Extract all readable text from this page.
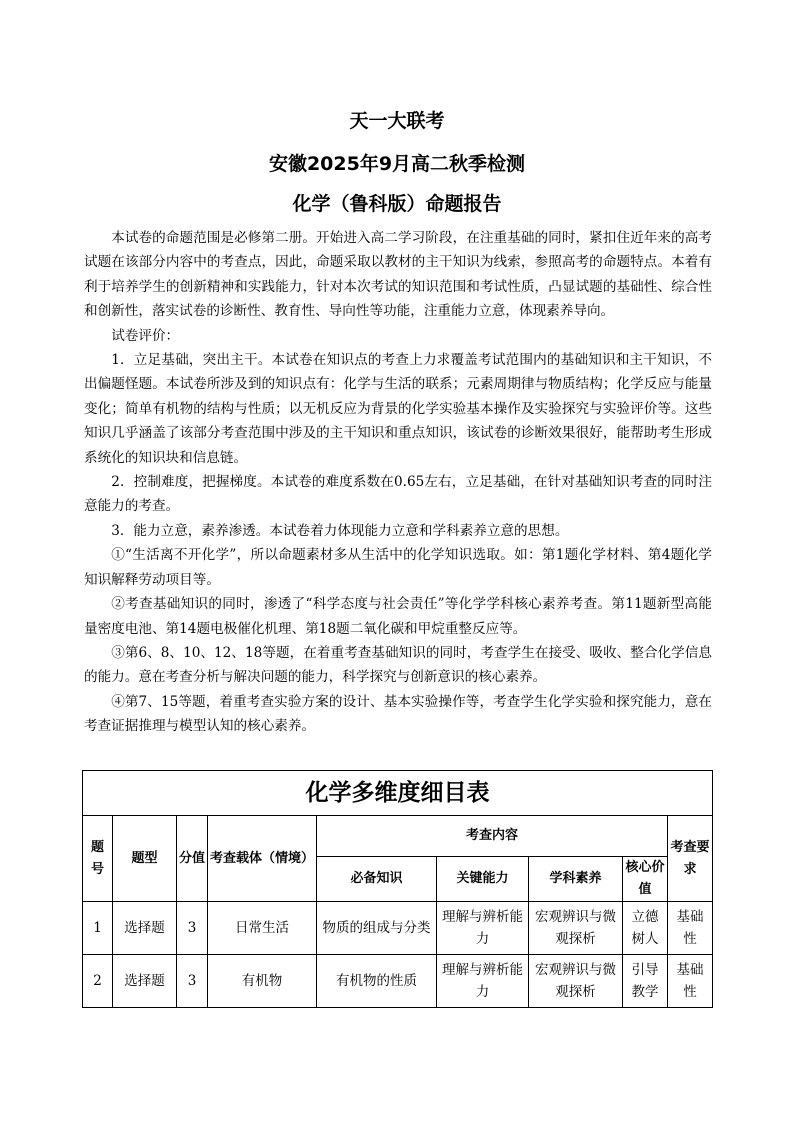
天一大联考
安徽2025年9月高二秋季检测
化学（鲁科版）命题报告

本试卷的命题范围是必修第二册。开始进入高二学习阶段，在注重基础的同时，紧扣住近年来的高考试题在该部分内容中的考查点，因此，命题采取以教材的主干知识为线索，参照高考的命题特点。本着有利于培养学生的创新精神和实践能力，针对本次考试的知识范围和考试性质，凸显试题的基础性、综合性和创新性，落实试卷的诊断性、教育性、导向性等功能，注重能力立意，体现素养导向。

试卷评价：

1．立足基础，突出主干。本试卷在知识点的考查上力求覆盖考试范围内的基础知识和主干知识，不出偏题怪题。本试卷所涉及到的知识点有：化学与生活的联系；元素周期律与物质结构；化学反应与能量变化；简单有机物的结构与性质；以无机反应为背景的化学实验基本操作及实验探究与实验评价等。这些知识几乎涵盖了该部分考查范围中涉及的主干知识和重点知识，该试卷的诊断效果很好，能帮助考生形成系统化的知识块和信息链。

2．控制难度，把握梯度。本试卷的难度系数在0.65左右，立足基础，在针对基础知识考查的同时注意能力的考查。

3．能力立意，素养渗透。本试卷着力体现能力立意和学科素养立意的思想。

①“生活离不开化学”，所以命题素材多从生活中的化学知识选取。如：第1题化学材料、第4题化学知识解释劳动项目等。

②考查基础知识的同时，渗透了“科学态度与社会责任”等化学学科核心素养考查。第11题新型高能量密度电池、第14题电极催化机理、第18题二氧化碳和甲烷重整反应等。

③第6、8、10、12、18等题，在着重考查基础知识的同时，考查学生在接受、吸收、整合化学信息的能力。意在考查分析与解决问题的能力，科学探究与创新意识的核心素养。

④第7、15等题，着重考查实验方案的设计、基本实验操作等，考查学生化学实验和探究能力，意在考查证据推理与模型认知的核心素养。

化学多维度细目表								
题号	题型	分值	考查载体（情境）	考查内容				考查要求
				必备知识	关键能力	学科素养	核心价值	
1	选择题	3	日常生活	物质的组成与分类	理解与辨析能力	宏观辨识与微观探析	立德树人	基础性
2	选择题	3	有机物	有机物的性质	理解与辨析能力	宏观辨识与微观探析	引导教学	基础性
